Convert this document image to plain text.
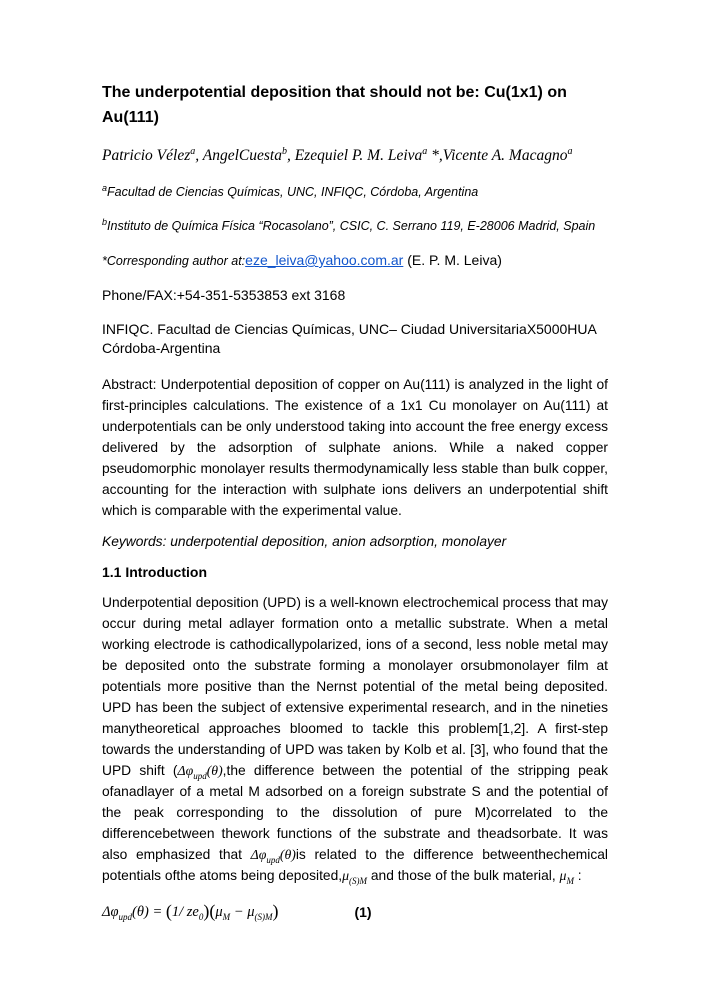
The underpotential deposition that should not be: Cu(1x1) on Au(111)

Patricio Vélez$^a$, AngelCuesta$^b$, Ezequiel P. M. Leiva$^a$ *,Vicente A. Macagno$^a$

$^a$Facultad de Ciencias Químicas, UNC, INFIQC, Córdoba, Argentina

$^b$Instituto de Química Física “Rocasolano”, CSIC, C. Serrano 119, E-28006 Madrid, Spain

*Corresponding author at:eze_leiva@yahoo.com.ar (E. P. M. Leiva)

Phone/FAX:+54-351-5353853 ext 3168

INFIQC. Facultad de Ciencias Químicas, UNC– Ciudad UniversitariaX5000HUA Córdoba-Argentina

Abstract: Underpotential deposition of copper on Au(111) is analyzed in the light of first-principles calculations. The existence of a 1x1 Cu monolayer on Au(111) at underpotentials can be only understood taking into account the free energy excess delivered by the adsorption of sulphate anions. While a naked copper pseudomorphic monolayer results thermodynamically less stable than bulk copper, accounting for the interaction with sulphate ions delivers an underpotential shift which is comparable with the experimental value.

Keywords: underpotential deposition, anion adsorption, monolayer

1.1 Introduction

Underpotential deposition (UPD) is a well-known electrochemical process that may occur during metal adlayer formation onto a metallic substrate. When a metal working electrode is cathodicallypolarized, ions of a second, less noble metal may be deposited onto the substrate forming a monolayer orsubmonolayer film at potentials more positive than the Nernst potential of the metal being deposited. UPD has been the subject of extensive experimental research, and in the nineties manytheoretical approaches bloomed to tackle this problem[1,2]. A first-step towards the understanding of UPD was taken by Kolb et al. [3], who found that the UPD shift ($\Delta\varphi_{upd}(\theta),the$ difference between the potential of the stripping peak ofanadlayer of a metal M adsorbed on a foreign substrate S and the potential of the peak corresponding to the dissolution of pure M)correlated to the differencebetween thework functions of the substrate and theadsorbate. It was also emphasized that $\Delta\varphi_{upd}(\theta)is$ related to the difference betweenthechemical potentials ofthe atoms being $deposited,\mu_{(S)M}$ and those of the bulk material, $\mu_M$ :

$\Delta\varphi_{upd}(\theta) = (1/$ $ze_0)(\mu_M - \mu_{(S)M})$	(1)
